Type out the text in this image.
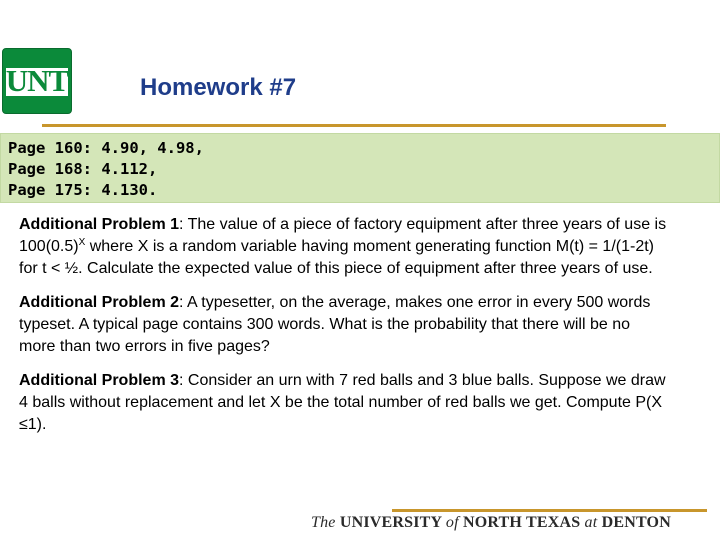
UNT	Homework #7
Page 160: 4.90, 4.98,
Page 168: 4.112,
Page 175: 4.130.

Additional Problem 1: The value of a piece of factory equipment after three years of use is $100(0.5)^X$ where X is a random variable having moment generating function M(t) = 1/(1-2t) for t < ½. Calculate the expected value of this piece of equipment after three years of use.

Additional Problem 2: A typesetter, on the average, makes one error in every 500 words typeset. A typical page contains 300 words. What is the probability that there will be no more than two errors in five pages?

Additional Problem 3: Consider an urn with 7 red balls and 3 blue balls. Suppose we draw 4 balls without replacement and let X be the total number of red balls we get. Compute P(X ≤1).

The UNIVERSITY of NORTH TEXAS at DENTON
